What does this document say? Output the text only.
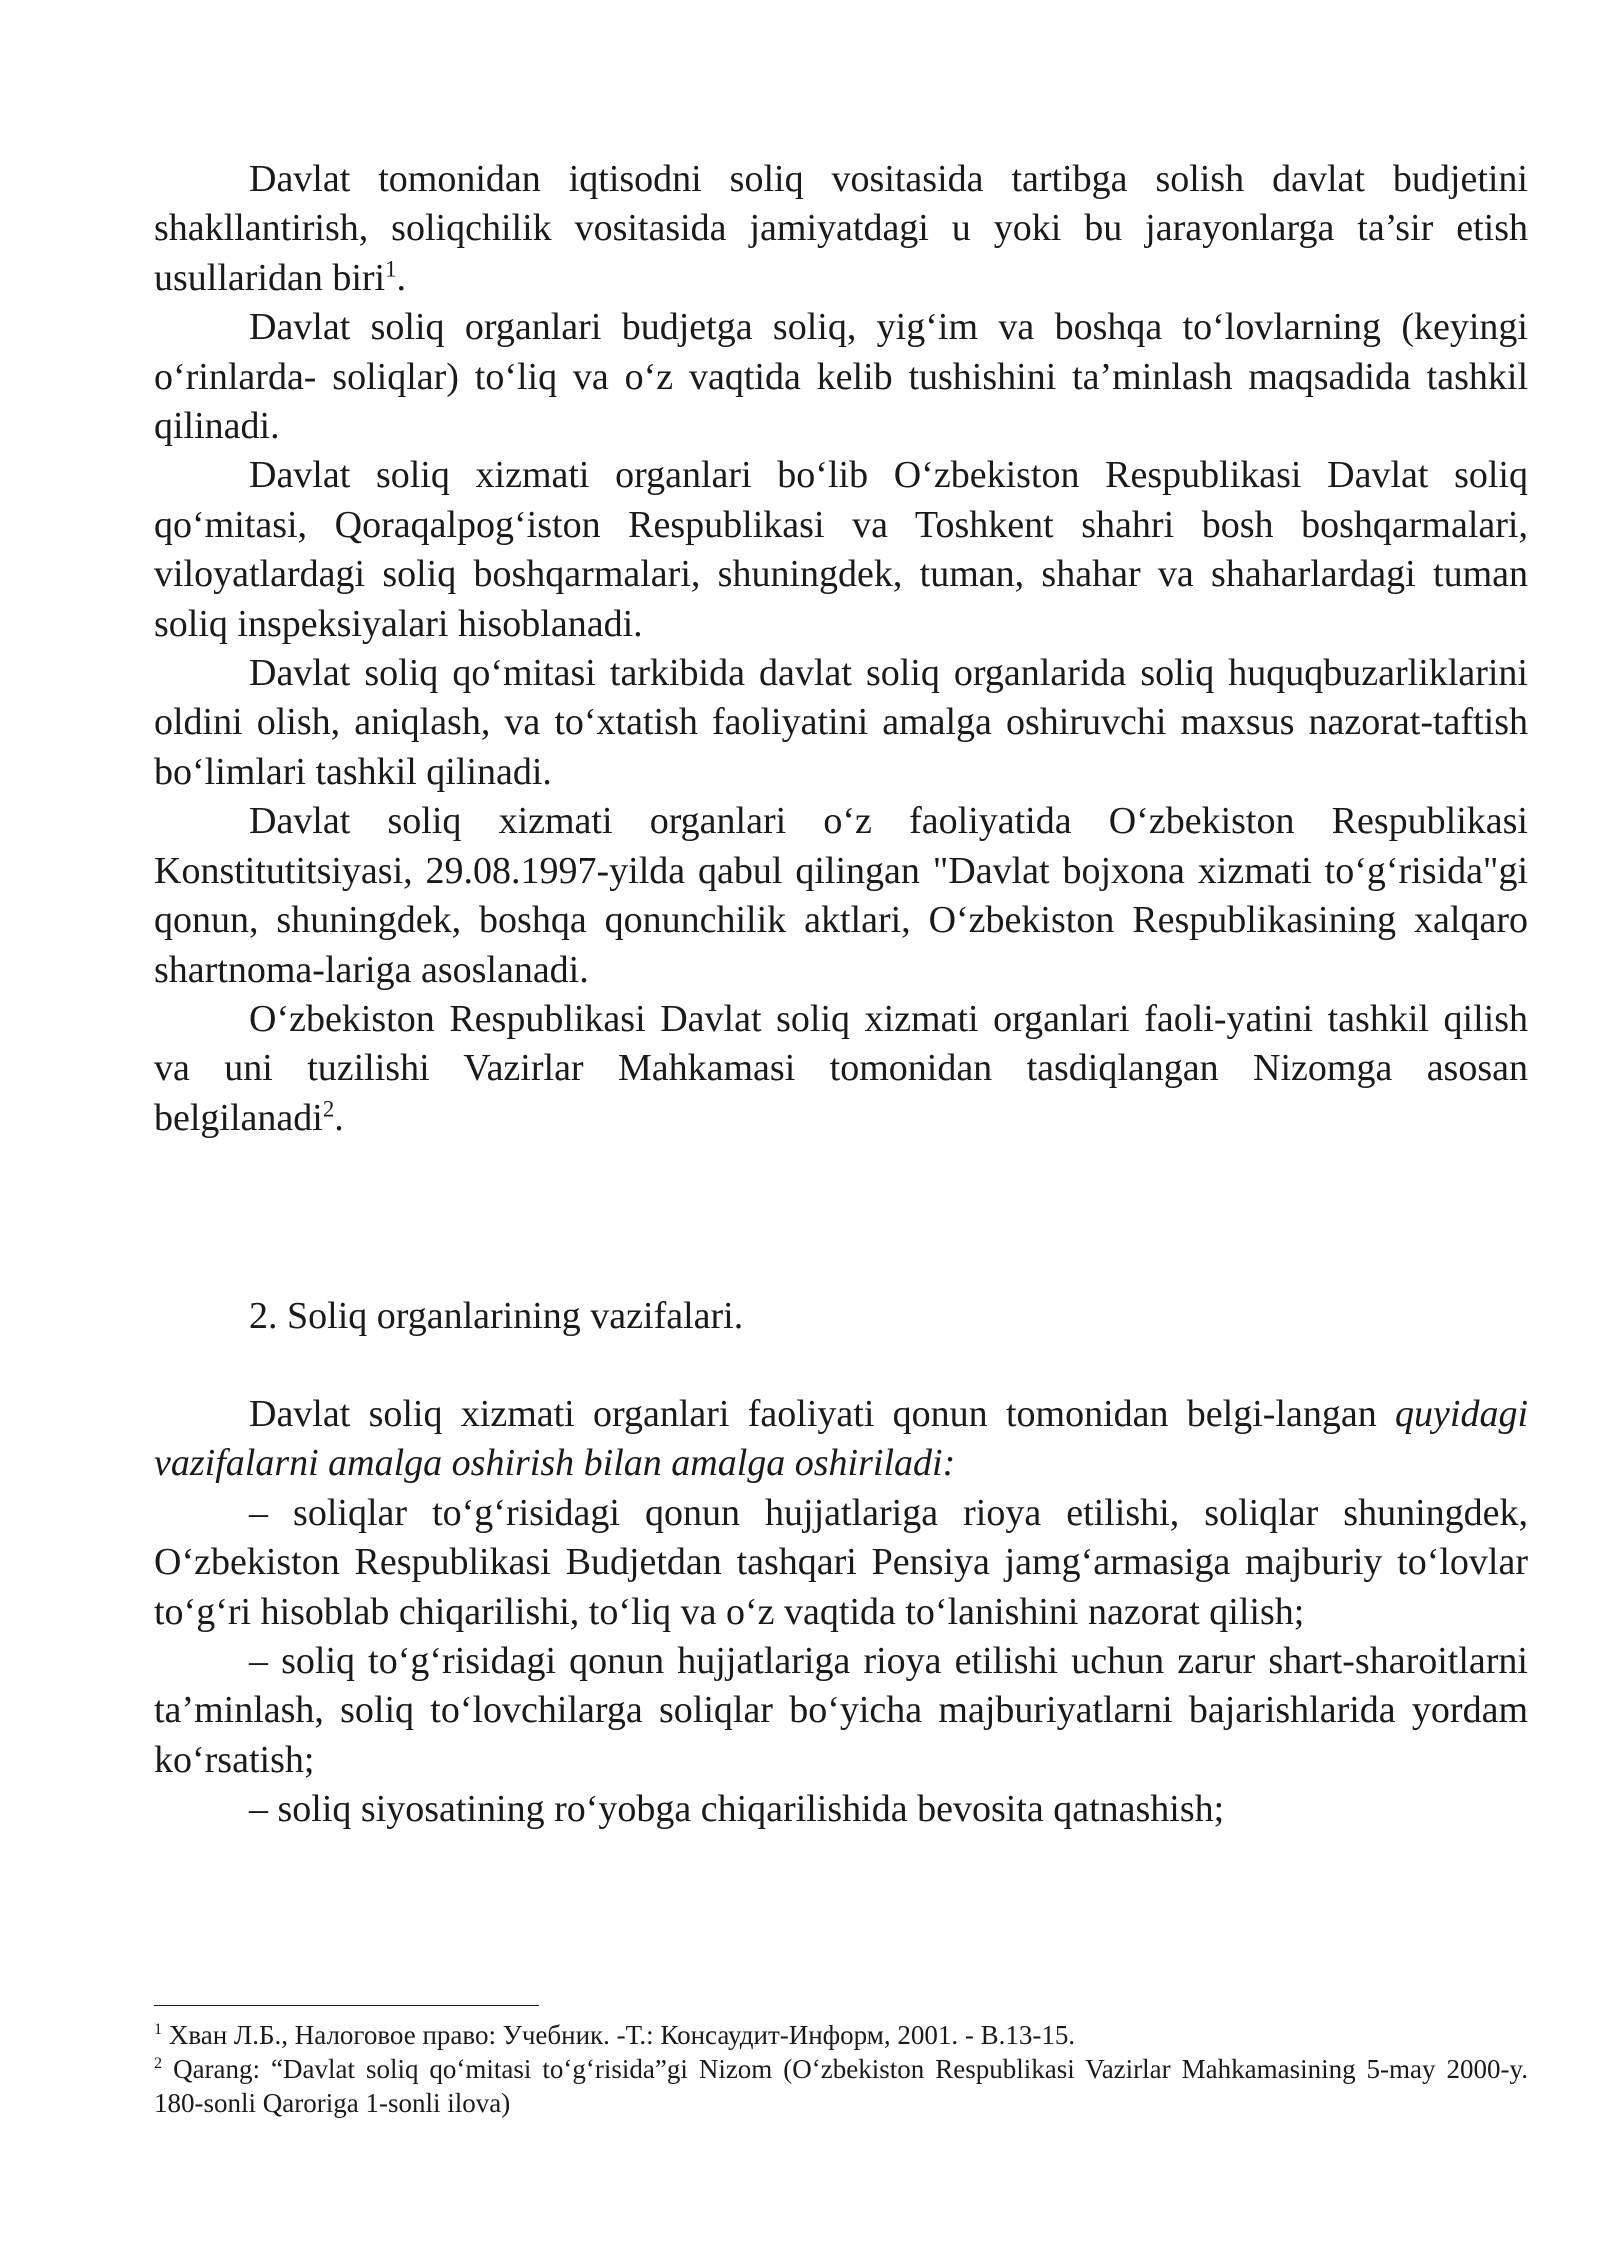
Davlat tomonidan iqtisodni soliq vositasida tartibga solish davlat budjetini shakllantirish, soliqchilik vositasida jamiyatdagi u yoki bu jarayonlarga ta’sir etish usullaridan biri$^1$.

Davlat soliq organlari budjetga soliq, yig‘im va boshqa to‘lovlarning (keyingi o‘rinlarda- soliqlar) to‘liq va o‘z vaqtida kelib tushishini ta’minlash maqsadida tashkil qilinadi.

Davlat soliq xizmati organlari bo‘lib O‘zbekiston Respublikasi Davlat soliq qo‘mitasi, Qoraqalpog‘iston Respublikasi va Toshkent shahri bosh boshqarmalari, viloyatlardagi soliq boshqarmalari, shuningdek, tuman, shahar va shaharlardagi tuman soliq inspeksiyalari hisoblanadi.

Davlat soliq qo‘mitasi tarkibida davlat soliq organlarida soliq huquqbuzarliklarini oldini olish, aniqlash, va to‘xtatish faoliyatini amalga oshiruvchi maxsus nazorat-taftish bo‘limlari tashkil qilinadi.

Davlat soliq xizmati organlari o‘z faoliyatida O‘zbekiston Respublikasi Konstitutitsiyasi, 29.08.1997-yilda qabul qilingan "Davlat bojxona xizmati to‘g‘risida"gi qonun, shuningdek, boshqa qonunchilik aktlari, O‘zbekiston Respublikasining xalqaro shartnoma-lariga asoslanadi.

O‘zbekiston Respublikasi Davlat soliq xizmati organlari faoli-yatini tashkil qilish va uni tuzilishi Vazirlar Mahkamasi tomonidan tasdiqlangan Nizomga asosan belgilanadi$^2$.

2. Soliq organlarining vazifalari.

Davlat soliq xizmati organlari faoliyati qonun tomonidan belgi-langan quyidagi vazifalarni amalga oshirish bilan amalga oshiriladi:

– soliqlar to‘g‘risidagi qonun hujjatlariga rioya etilishi, soliqlar shuningdek, O‘zbekiston Respublikasi Budjetdan tashqari Pensiya jamg‘armasiga majburiy to‘lovlar to‘g‘ri hisoblab chiqarilishi, to‘liq va o‘z vaqtida to‘lanishini nazorat qilish;

– soliq to‘g‘risidagi qonun hujjatlariga rioya etilishi uchun zarur shart-sharoitlarni ta’minlash, soliq to‘lovchilarga soliqlar bo‘yicha majburiyatlarni bajarishlarida yordam ko‘rsatish;

– soliq siyosatining ro‘yobga chiqarilishida bevosita qatnashish;

$^1$ Хван Л.Б., Налоговое право: Учебник. -Т.: Консаудит-Информ, 2001. - В.13-15.

$^2$ Qarang: “Davlat soliq qo‘mitasi to‘g‘risida”gi Nizom (O‘zbekiston Respublikasi Vazirlar Mahkamasining 5-may 2000-y. 180-sonli Qaroriga 1-sonli ilova)
